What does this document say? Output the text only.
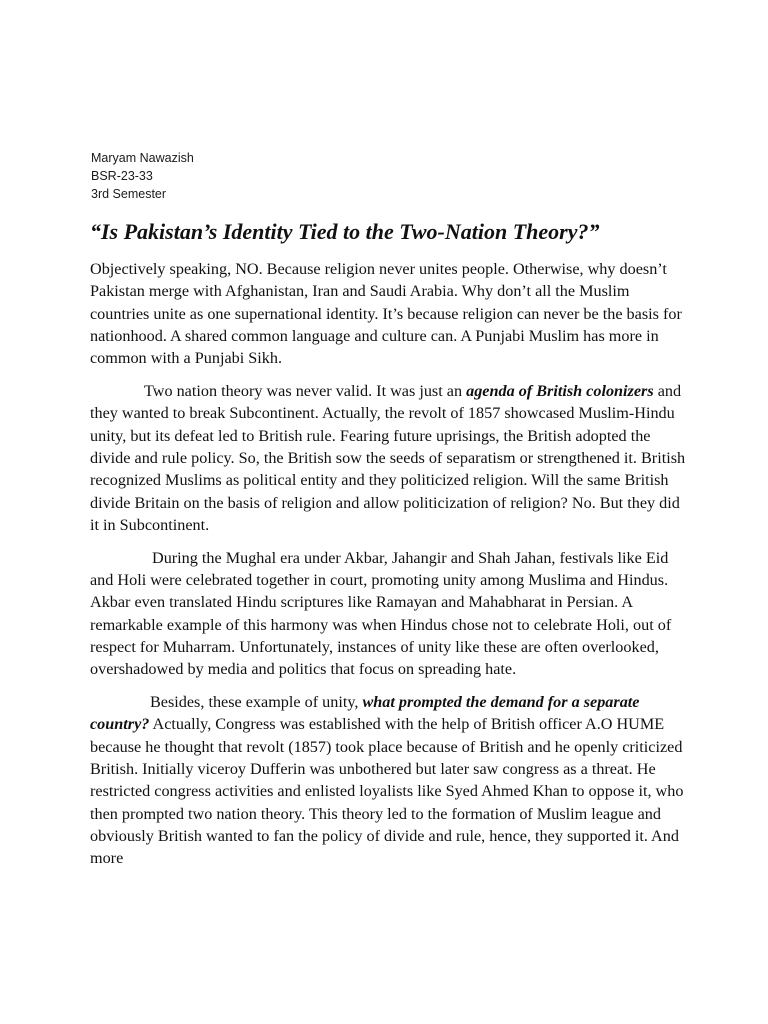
Maryam Nawazish
BSR-23-33
3rd Semester
“Is Pakistan’s Identity Tied to the Two-Nation Theory?”

Objectively speaking, NO. Because religion never unites people. Otherwise, why doesn’t Pakistan merge with Afghanistan, Iran and Saudi Arabia. Why don’t all the Muslim countries unite as one supernational identity. It’s because religion can never be the basis for nationhood. A shared common language and culture can. A Punjabi Muslim has more in common with a Punjabi Sikh.

Two nation theory was never valid. It was just an agenda of British colonizers and they wanted to break Subcontinent. Actually, the revolt of 1857 showcased Muslim-Hindu unity, but its defeat led to British rule. Fearing future uprisings, the British adopted the divide and rule policy. So, the British sow the seeds of separatism or strengthened it. British recognized Muslims as political entity and they politicized religion. Will the same British divide Britain on the basis of religion and allow politicization of religion? No. But they did it in Subcontinent.

During the Mughal era under Akbar, Jahangir and Shah Jahan, festivals like Eid and Holi were celebrated together in court, promoting unity among Muslima and Hindus. Akbar even translated Hindu scriptures like Ramayan and Mahabharat in Persian. A remarkable example of this harmony was when Hindus chose not to celebrate Holi, out of respect for Muharram. Unfortunately, instances of unity like these are often overlooked, overshadowed by media and politics that focus on spreading hate.

Besides, these example of unity, what prompted the demand for a separate country? Actually, Congress was established with the help of British officer A.O HUME because he thought that revolt (1857) took place because of British and he openly criticized British. Initially viceroy Dufferin was unbothered but later saw congress as a threat. He restricted congress activities and enlisted loyalists like Syed Ahmed Khan to oppose it, who then prompted two nation theory. This theory led to the formation of Muslim league and obviously British wanted to fan the policy of divide and rule, hence, they supported it. And more
